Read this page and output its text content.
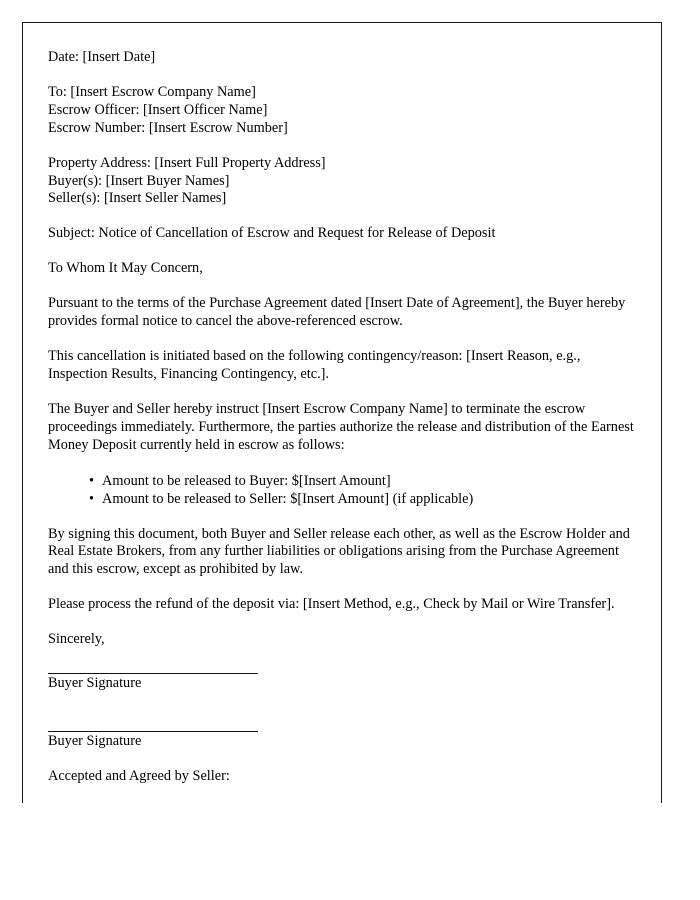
Date: [Insert Date]

To: [Insert Escrow Company Name]

Escrow Officer: [Insert Officer Name]

Escrow Number: [Insert Escrow Number]

Property Address: [Insert Full Property Address]

Buyer(s): [Insert Buyer Names]

Seller(s): [Insert Seller Names]

Subject: Notice of Cancellation of Escrow and Request for Release of Deposit

To Whom It May Concern,

Pursuant to the terms of the Purchase Agreement dated [Insert Date of Agreement], the Buyer hereby provides formal notice to cancel the above-referenced escrow.

This cancellation is initiated based on the following contingency/reason: [Insert Reason, e.g., Inspection Results, Financing Contingency, etc.].

The Buyer and Seller hereby instruct [Insert Escrow Company Name] to terminate the escrow proceedings immediately. Furthermore, the parties authorize the release and distribution of the Earnest Money Deposit currently held in escrow as follows:

• Amount to be released to Buyer: $[Insert Amount]
• Amount to be released to Seller: $[Insert Amount] (if applicable)

By signing this document, both Buyer and Seller release each other, as well as the Escrow Holder and Real Estate Brokers, from any further liabilities or obligations arising from the Purchase Agreement and this escrow, except as prohibited by law.

Please process the refund of the deposit via: [Insert Method, e.g., Check by Mail or Wire Transfer].

Sincerely,

Buyer Signature

Buyer Signature

Accepted and Agreed by Seller:
